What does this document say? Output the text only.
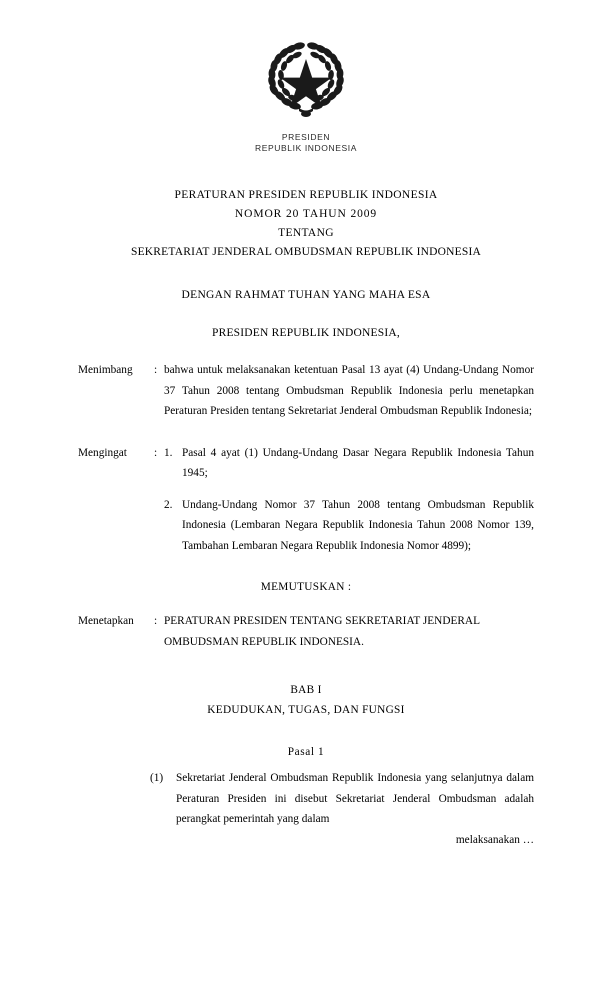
PRESIDEN
REPUBLIK INDONESIA
PERATURAN PRESIDEN REPUBLIK INDONESIA
NOMOR 20 TAHUN 2009
TENTANG
SEKRETARIAT JENDERAL OMBUDSMAN REPUBLIK INDONESIA
DENGAN RAHMAT TUHAN YANG MAHA ESA
PRESIDEN REPUBLIK INDONESIA,
Menimbang	: bahwa untuk melaksanakan ketentuan Pasal 13 ayat (4) Undang-Undang Nomor 37 Tahun 2008 tentang Ombudsman Republik Indonesia perlu menetapkan Peraturan Presiden tentang Sekretariat Jenderal Ombudsman Republik Indonesia;
Mengingat	: 1. Pasal 4 ayat (1) Undang-Undang Dasar Negara Republik Indonesia Tahun 1945;
2. Undang-Undang Nomor 37 Tahun 2008 tentang Ombudsman Republik Indonesia (Lembaran Negara Republik Indonesia Tahun 2008 Nomor 139, Tambahan Lembaran Negara Republik Indonesia Nomor 4899);
MEMUTUSKAN :
Menetapkan	: PERATURAN PRESIDEN TENTANG SEKRETARIAT JENDERAL OMBUDSMAN REPUBLIK INDONESIA.
BAB I
KEDUDUKAN, TUGAS, DAN FUNGSI
Pasal 1
(1)	Sekretariat Jenderal Ombudsman Republik Indonesia yang selanjutnya dalam Peraturan Presiden ini disebut Sekretariat Jenderal Ombudsman adalah perangkat pemerintah yang dalam
melaksanakan …
